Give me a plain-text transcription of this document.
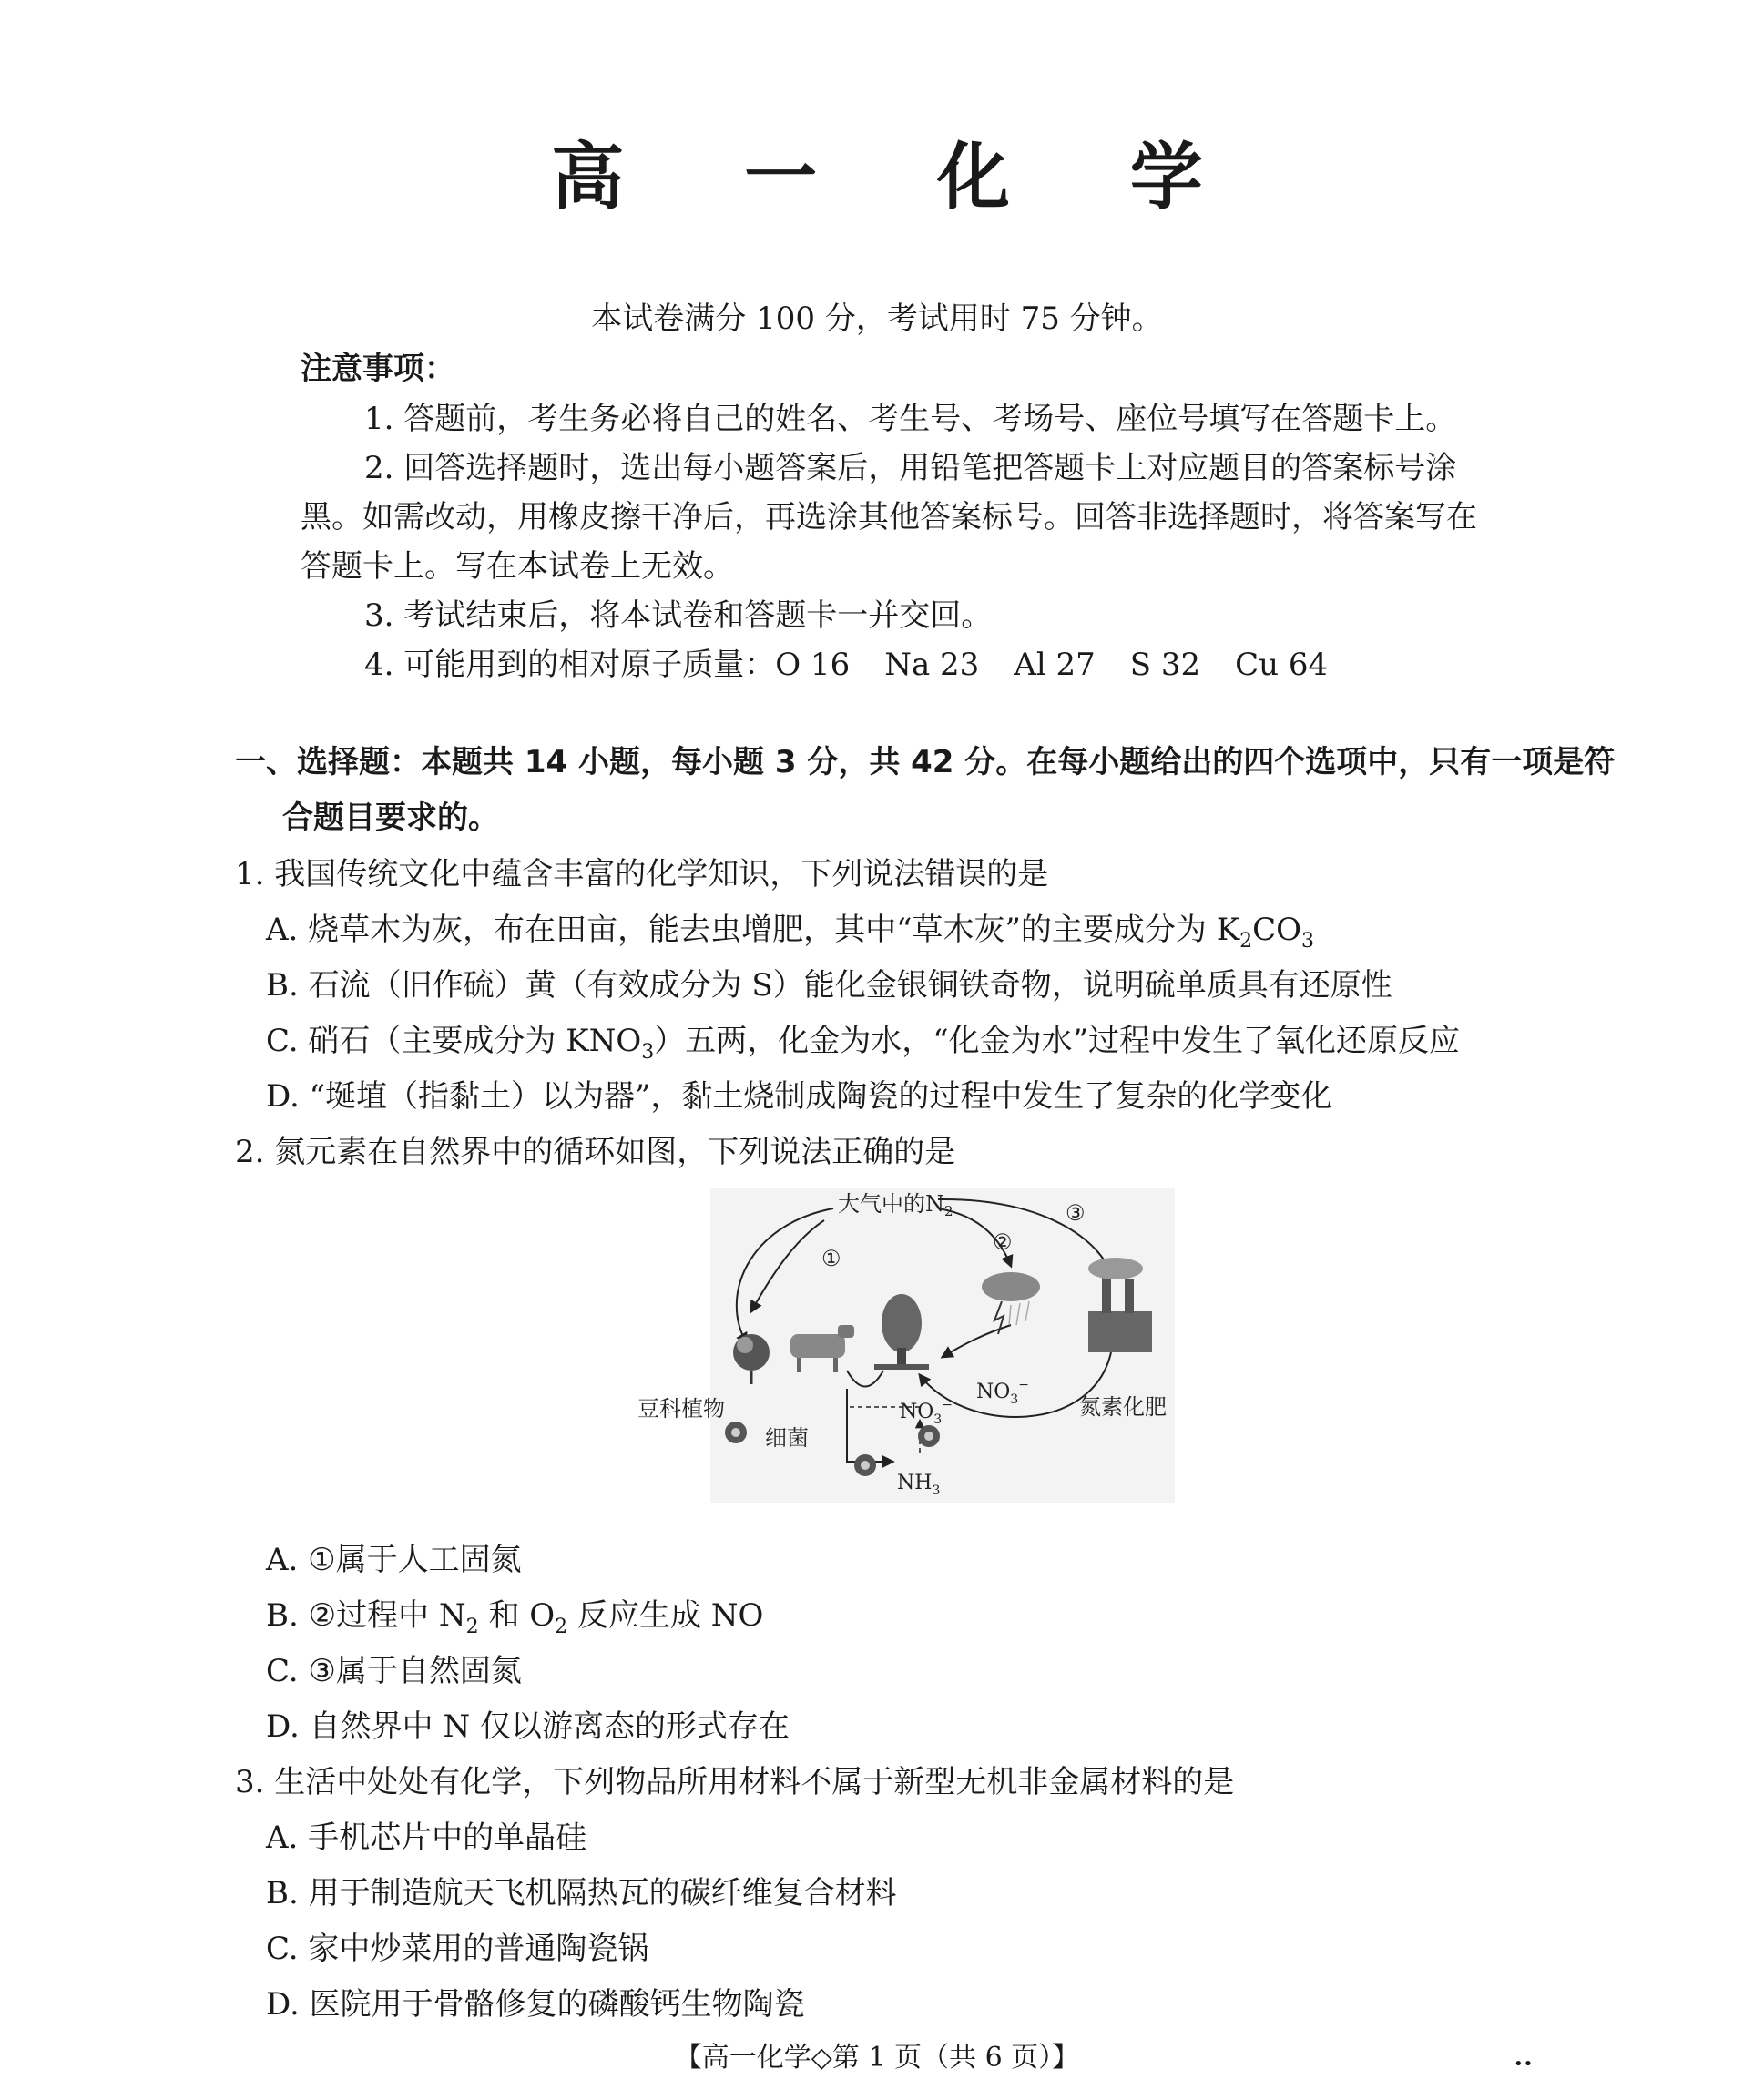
高 一 化 学
本试卷满分 100 分，考试用时 75 分钟。
注意事项：
1. 答题前，考生务必将自己的姓名、考生号、考场号、座位号填写在答题卡上。
2. 回答选择题时，选出每小题答案后，用铅笔把答题卡上对应题目的答案标号涂
黑。如需改动，用橡皮擦干净后，再选涂其他答案标号。回答非选择题时，将答案写在
答题卡上。写在本试卷上无效。
3. 考试结束后，将本试卷和答题卡一并交回。
4. 可能用到的相对原子质量：O 16 Na 23 Al 27 S 32 Cu 64
一、选择题：本题共 14 小题，每小题 3 分，共 42 分。在每小题给出的四个选项中，只有一项是符
合题目要求的。
1. 我国传统文化中蕴含丰富的化学知识，下列说法错误的是
A. 烧草木为灰，布在田亩，能去虫增肥，其中“草木灰”的主要成分为 $K_2CO_3$
B. 石流（旧作硫）黄（有效成分为 S）能化金银铜铁奇物，说明硫单质具有还原性
C. 硝石（主要成分为 $KNO_3$）五两，化金为水，“化金为水”过程中发生了氧化还原反应
D. “埏埴（指黏土）以为器”，黏土烧制成陶瓷的过程中发生了复杂的化学变化
2. 氮元素在自然界中的循环如图，下列说法正确的是
大气中的$N_2$
①
②
③
豆科植物
细菌
氮素化肥
$NO_3^-$
$NO_3^-$
$NH_3$
A. ①属于人工固氮
B. ②过程中 $N_2$ 和 $O_2$ 反应生成 NO
C. ③属于自然固氮
D. 自然界中 N 仅以游离态的形式存在
3. 生活中处处有化学，下列物品所用材料不属于新型无机非金属材料的是
A. 手机芯片中的单晶硅
B. 用于制造航天飞机隔热瓦的碳纤维复合材料
C. 家中炒菜用的普通陶瓷锅
D. 医院用于骨骼修复的磷酸钙生物陶瓷
【高一化学◇第 1 页（共 6 页）】	••
